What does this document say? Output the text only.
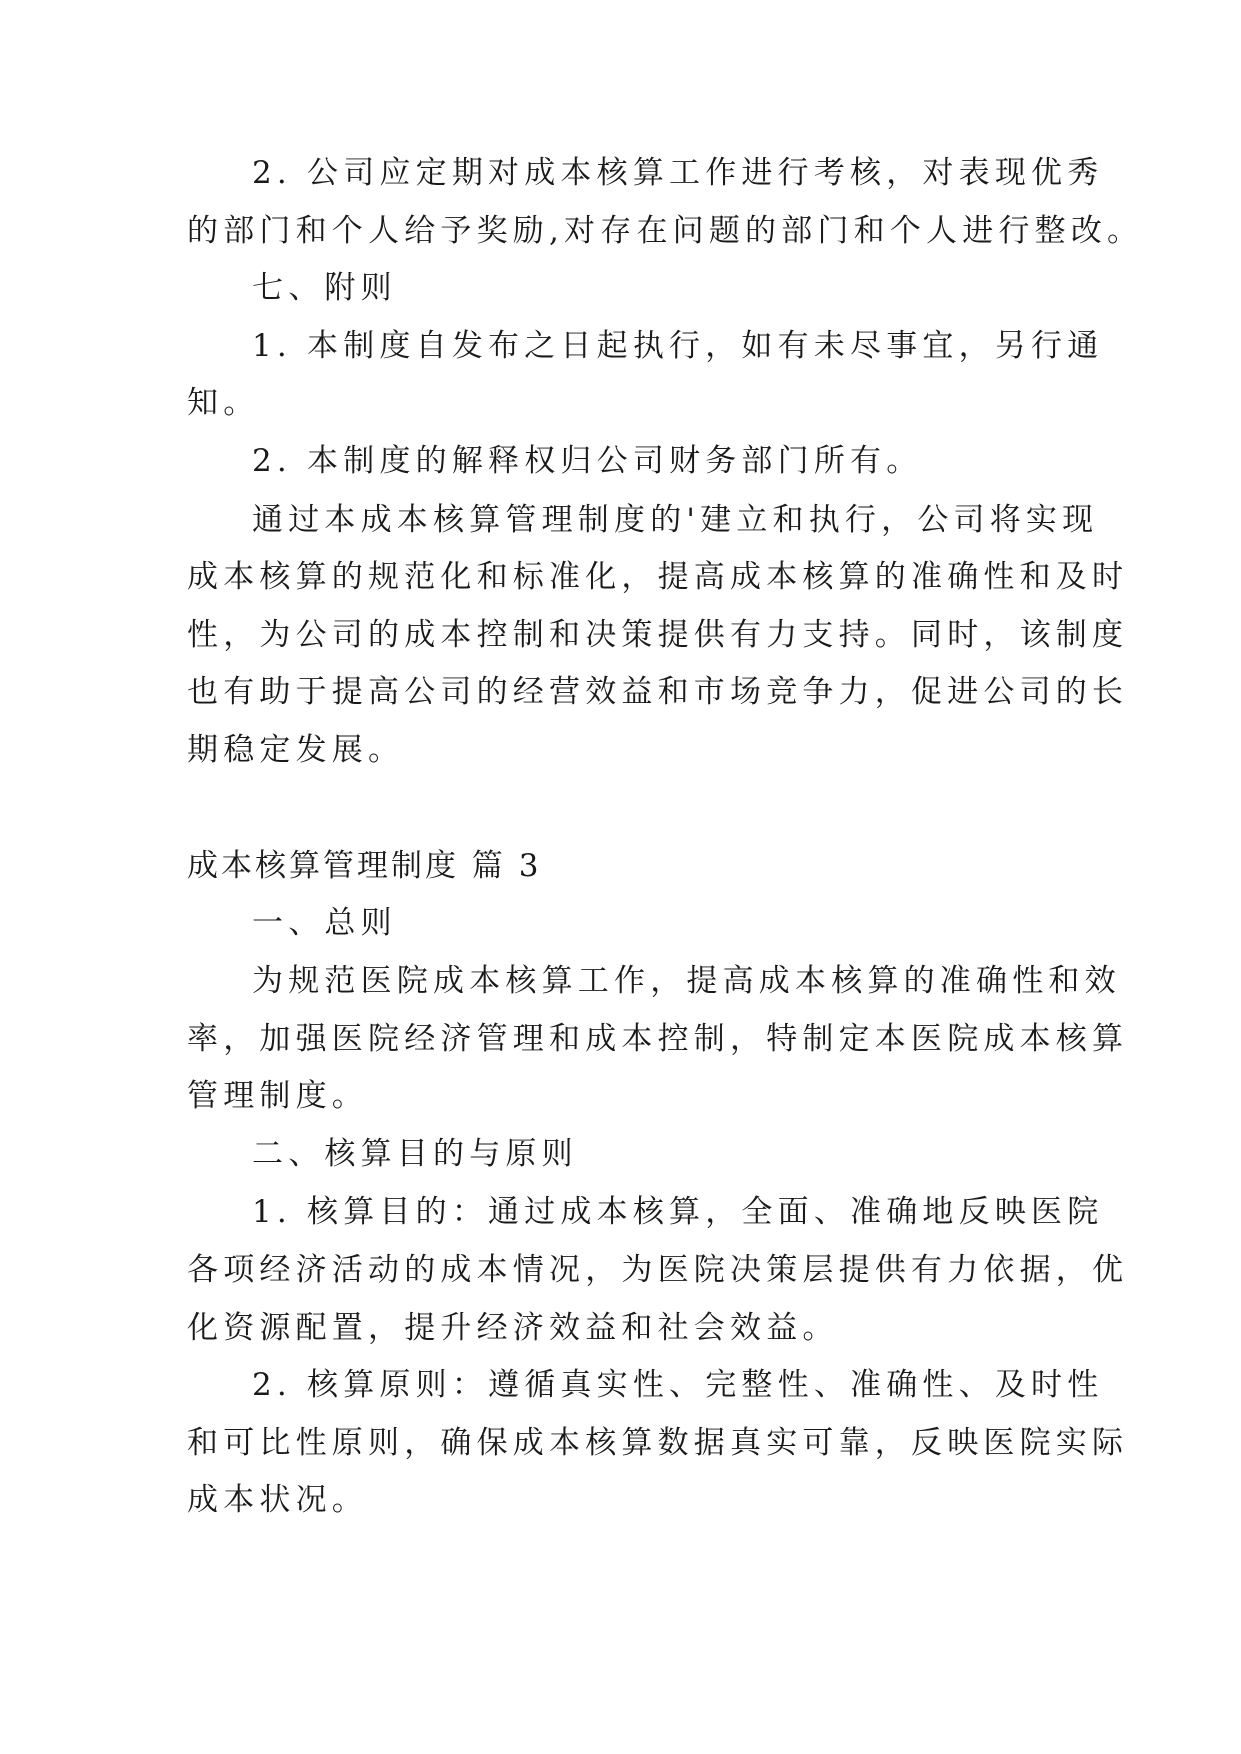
2. 公司应定期对成本核算工作进行考核，对表现优秀
的部门和个人给予奖励,对存在问题的部门和个人进行整改。
七、附则
1. 本制度自发布之日起执行，如有未尽事宜，另行通
知。
2. 本制度的解释权归公司财务部门所有。
通过本成本核算管理制度的'建立和执行，公司将实现
成本核算的规范化和标准化，提高成本核算的准确性和及时
性，为公司的成本控制和决策提供有力支持。同时，该制度
也有助于提高公司的经营效益和市场竞争力，促进公司的长
期稳定发展。
成本核算管理制度 篇 3
一、总则
为规范医院成本核算工作，提高成本核算的准确性和效
率，加强医院经济管理和成本控制，特制定本医院成本核算
管理制度。
二、核算目的与原则
1. 核算目的：通过成本核算，全面、准确地反映医院
各项经济活动的成本情况，为医院决策层提供有力依据，优
化资源配置，提升经济效益和社会效益。
2. 核算原则：遵循真实性、完整性、准确性、及时性
和可比性原则，确保成本核算数据真实可靠，反映医院实际
成本状况。
